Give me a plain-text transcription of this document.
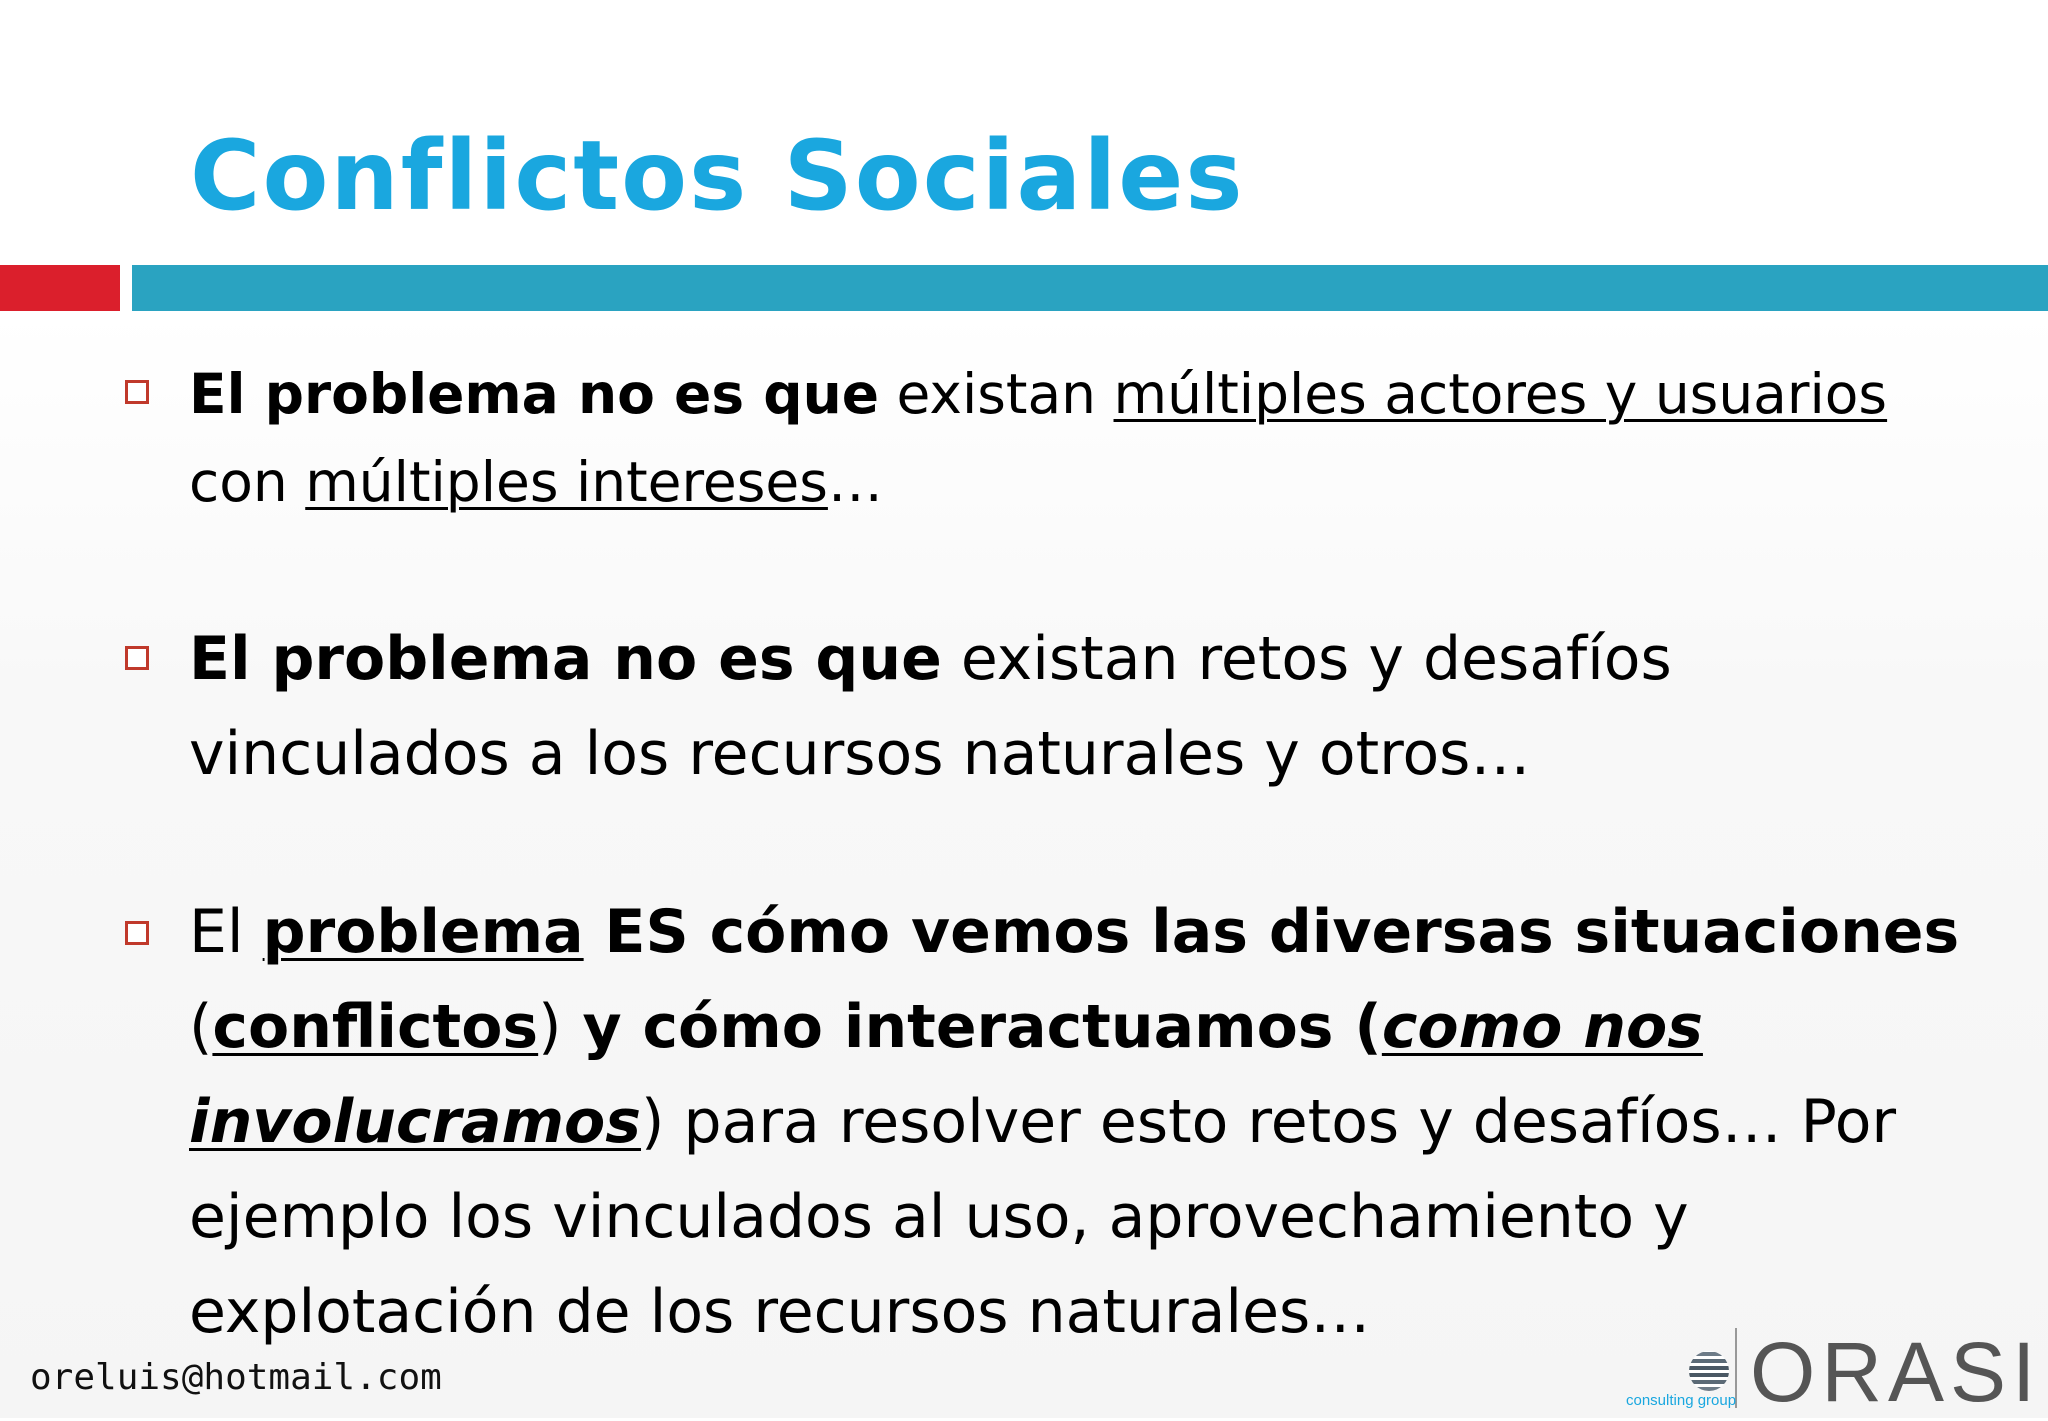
Conflictos Sociales
El problema no es que existan múltiples actores y usuarios
con múltiples intereses…
El problema no es que existan retos y desafíos
vinculados a los recursos naturales y otros…
El problema ES cómo vemos las diversas situaciones
(conflictos) y cómo interactuamos (como nos
involucramos) para resolver esto retos y desafíos… Por
ejemplo los vinculados al uso, aprovechamiento y
explotación de los recursos naturales…
oreluis@hotmail.com	ORASI
consulting group
